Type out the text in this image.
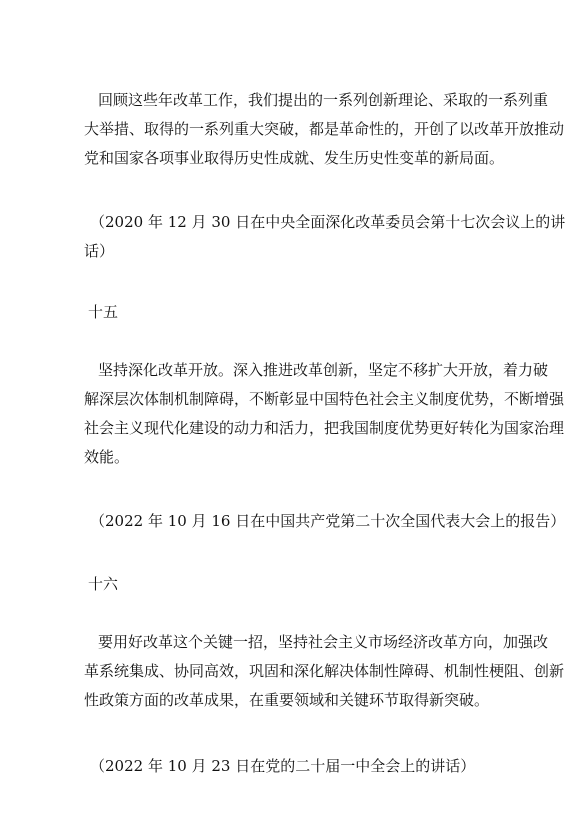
回顾这些年改革工作，我们提出的一系列创新理论、采取的一系列重
大举措、取得的一系列重大突破，都是革命性的，开创了以改革开放推动
党和国家各项事业取得历史性成就、发生历史性变革的新局面。
（2020 年 12 月 30 日在中央全面深化改革委员会第十七次会议上的讲
话）
十五
坚持深化改革开放。深入推进改革创新，坚定不移扩大开放，着力破
解深层次体制机制障碍，不断彰显中国特色社会主义制度优势，不断增强
社会主义现代化建设的动力和活力，把我国制度优势更好转化为国家治理
效能。
（2022 年 10 月 16 日在中国共产党第二十次全国代表大会上的报告）
十六
要用好改革这个关键一招，坚持社会主义市场经济改革方向，加强改
革系统集成、协同高效，巩固和深化解决体制性障碍、机制性梗阻、创新
性政策方面的改革成果，在重要领域和关键环节取得新突破。
（2022 年 10 月 23 日在党的二十届一中全会上的讲话）
